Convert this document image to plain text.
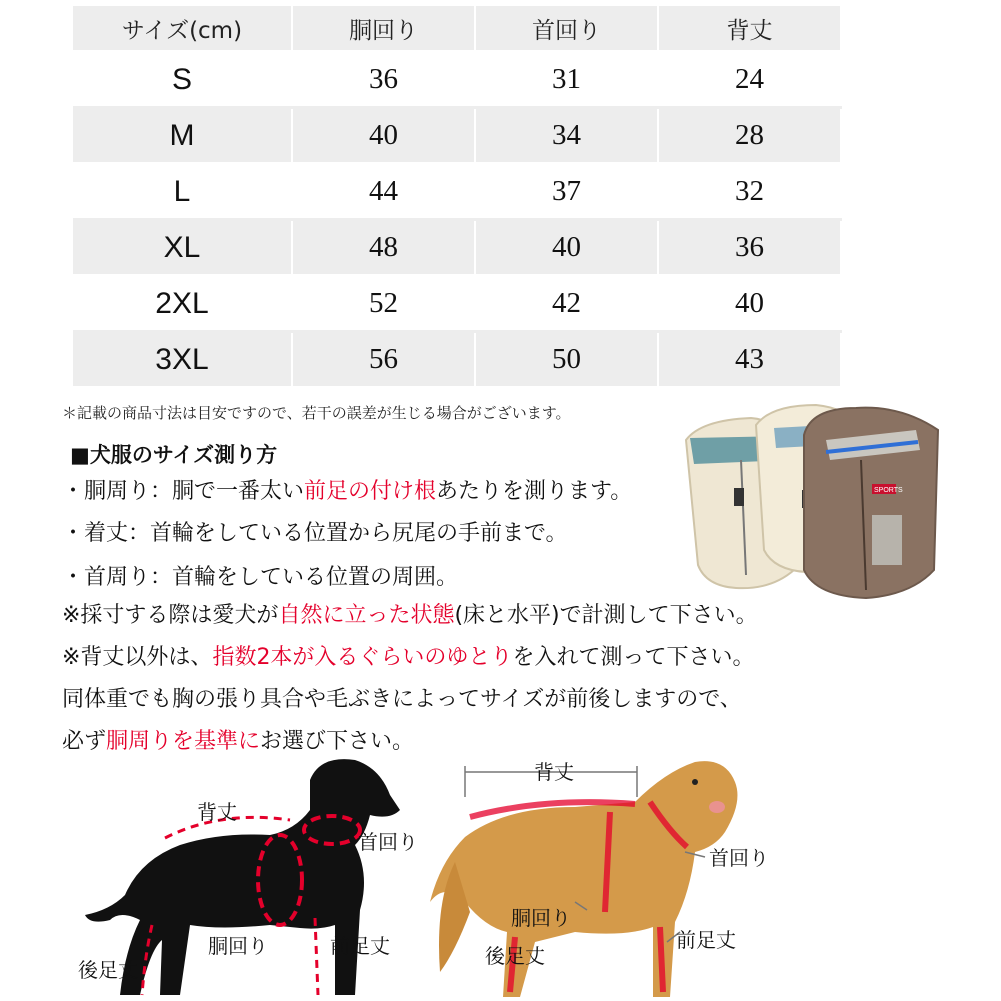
サイズ(cm)	胴回り	首回り	背丈
S	36	31	24
M	40	34	28
L	44	37	32
XL	48	40	36
2XL	52	42	40
3XL	56	50	43
＊記載の商品寸法は目安ですので、若干の誤差が生じる場合がございます。
■犬服のサイズ測り方
・胴周り：胴で一番太い前足の付け根あたりを測ります。
・着丈：首輪をしている位置から尻尾の手前まで。
・首周り：首輪をしている位置の周囲。
※採寸する際は愛犬が自然に立った状態(床と水平)で計測して下さい。
※背丈以外は、指数2本が入るぐらいのゆとりを入れて測って下さい。
同体重でも胸の張り具合や毛ぶきによってサイズが前後しますので、
必ず胴周りを基準にお選び下さい。
SPORTS
背丈
首回り
胴回り	前足丈
後足丈
背丈
首回り
胴回り
前足丈
後足丈
